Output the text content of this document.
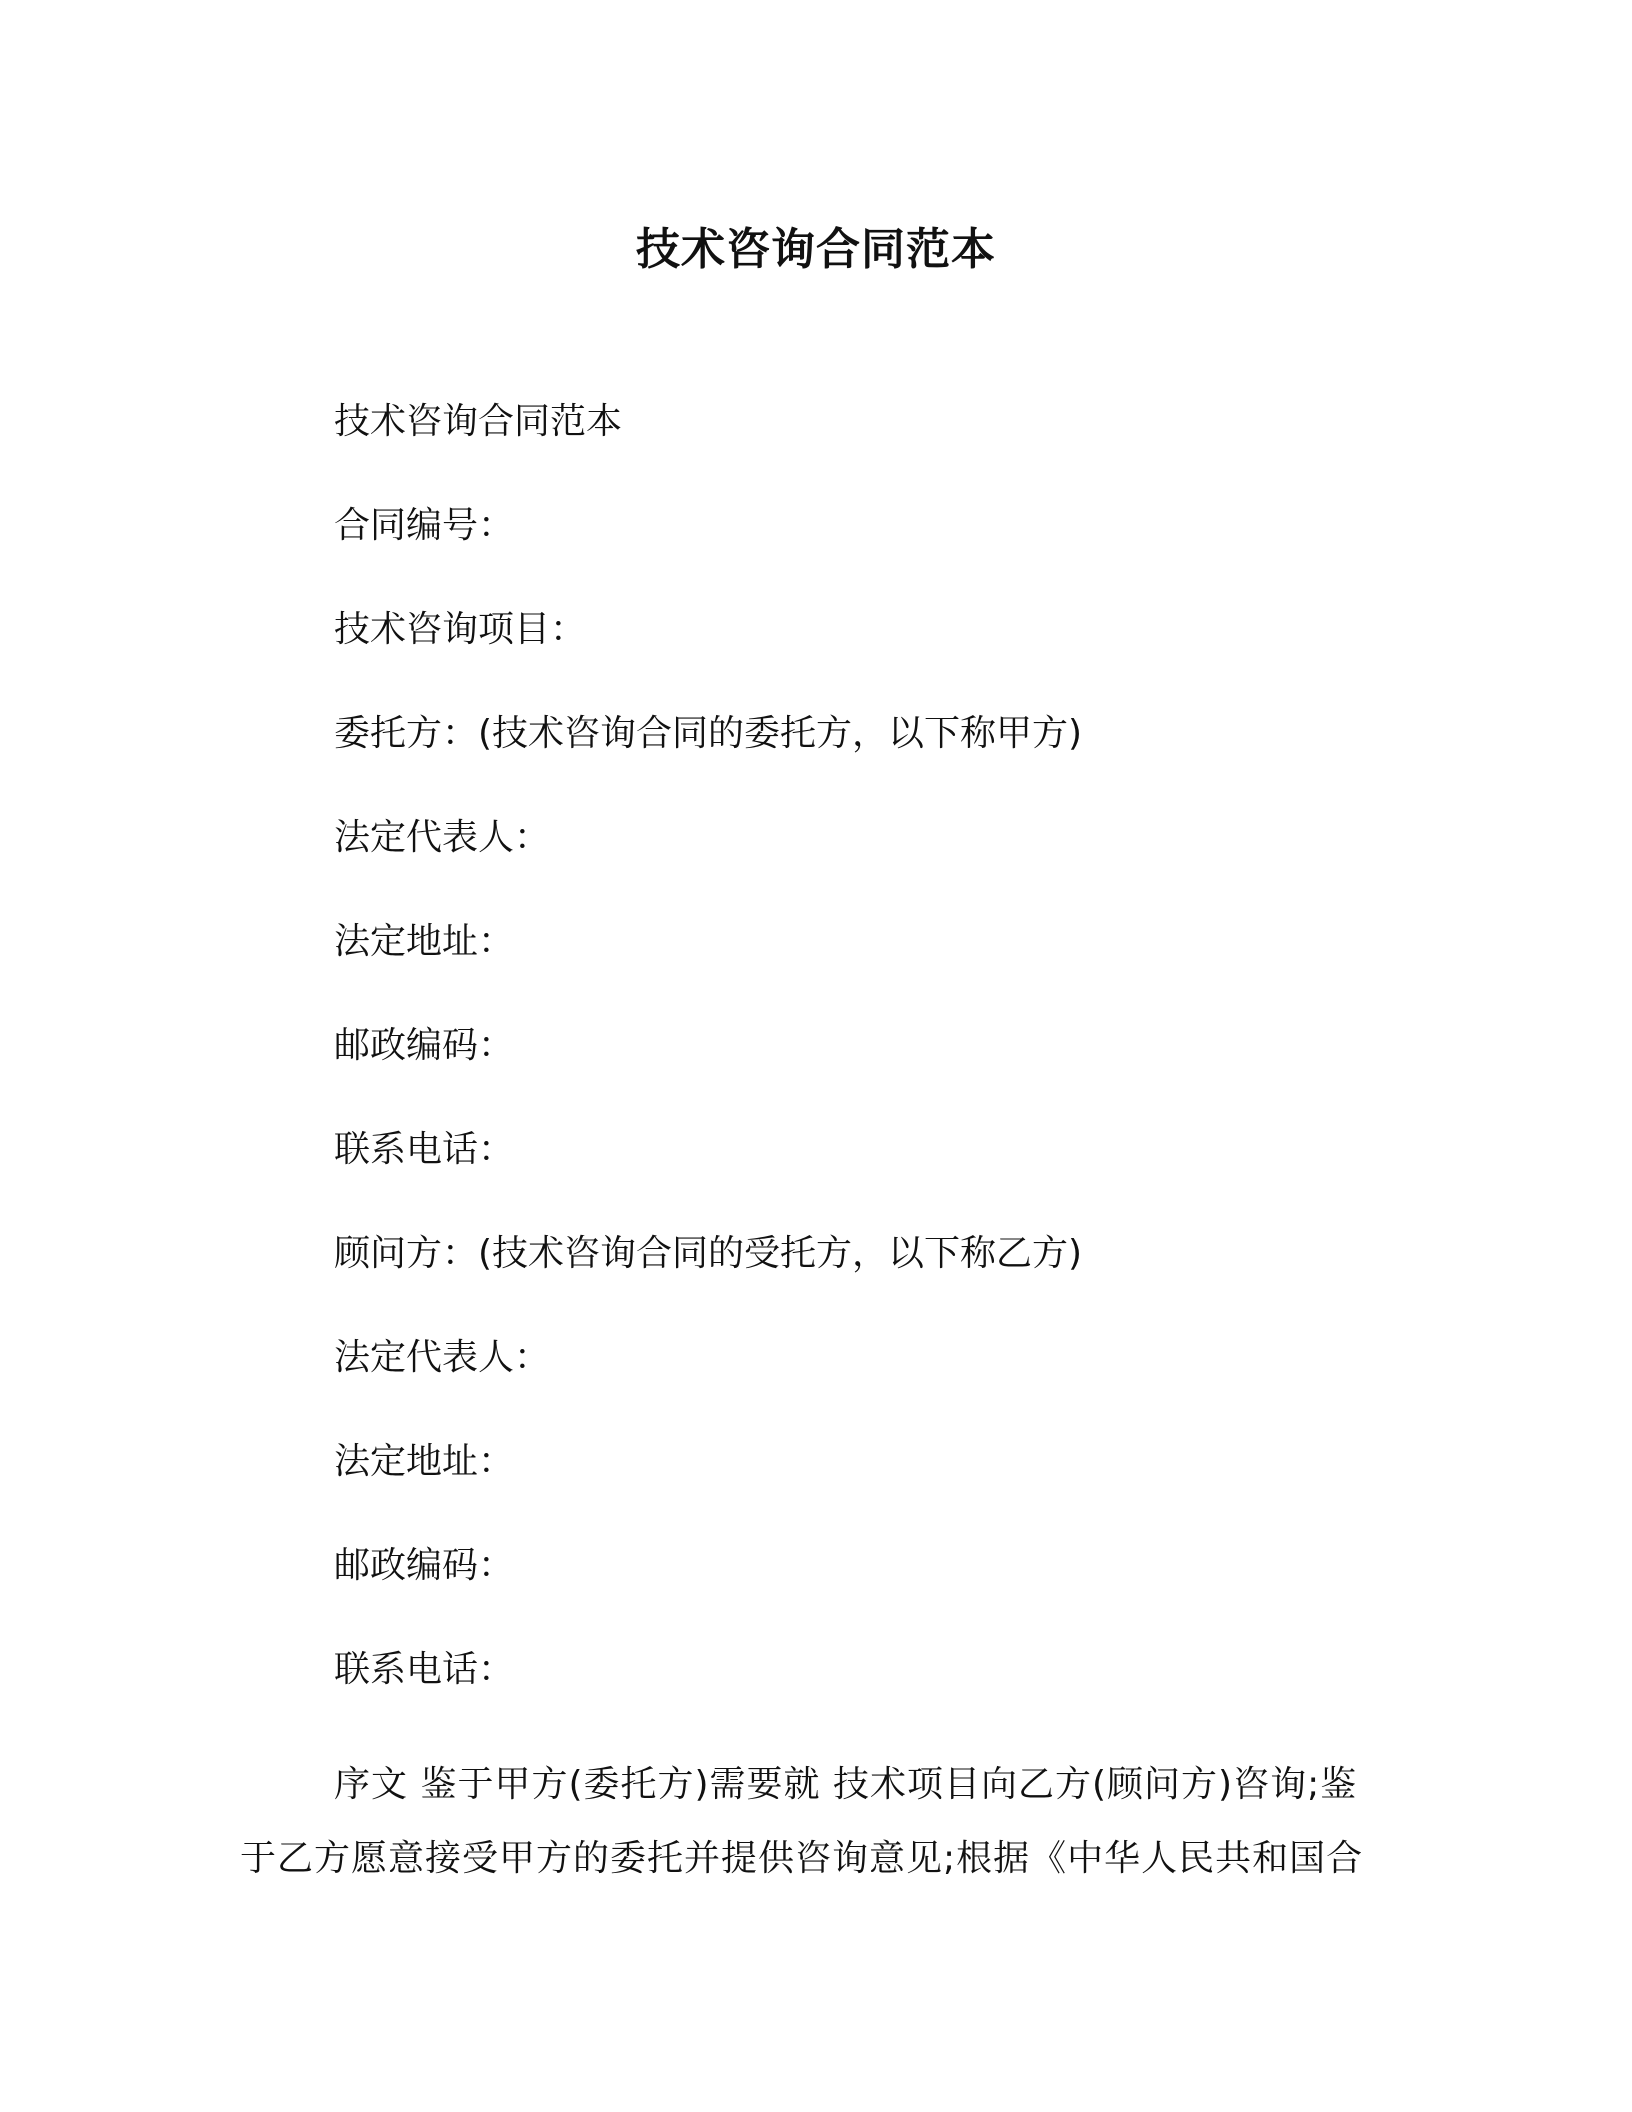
技术咨询合同范本
技术咨询合同范本
合同编号：
技术咨询项目：
委托方：(技术咨询合同的委托方，以下称甲方)
法定代表人：
法定地址：
邮政编码：
联系电话：
顾问方：(技术咨询合同的受托方，以下称乙方)
法定代表人：
法定地址：
邮政编码：
联系电话：

序文 鉴于甲方(委托方)需要就 技术项目向乙方(顾问方)咨询;鉴于乙方愿意接受甲方的委托并提供咨询意见;根据《中华人民共和国合
